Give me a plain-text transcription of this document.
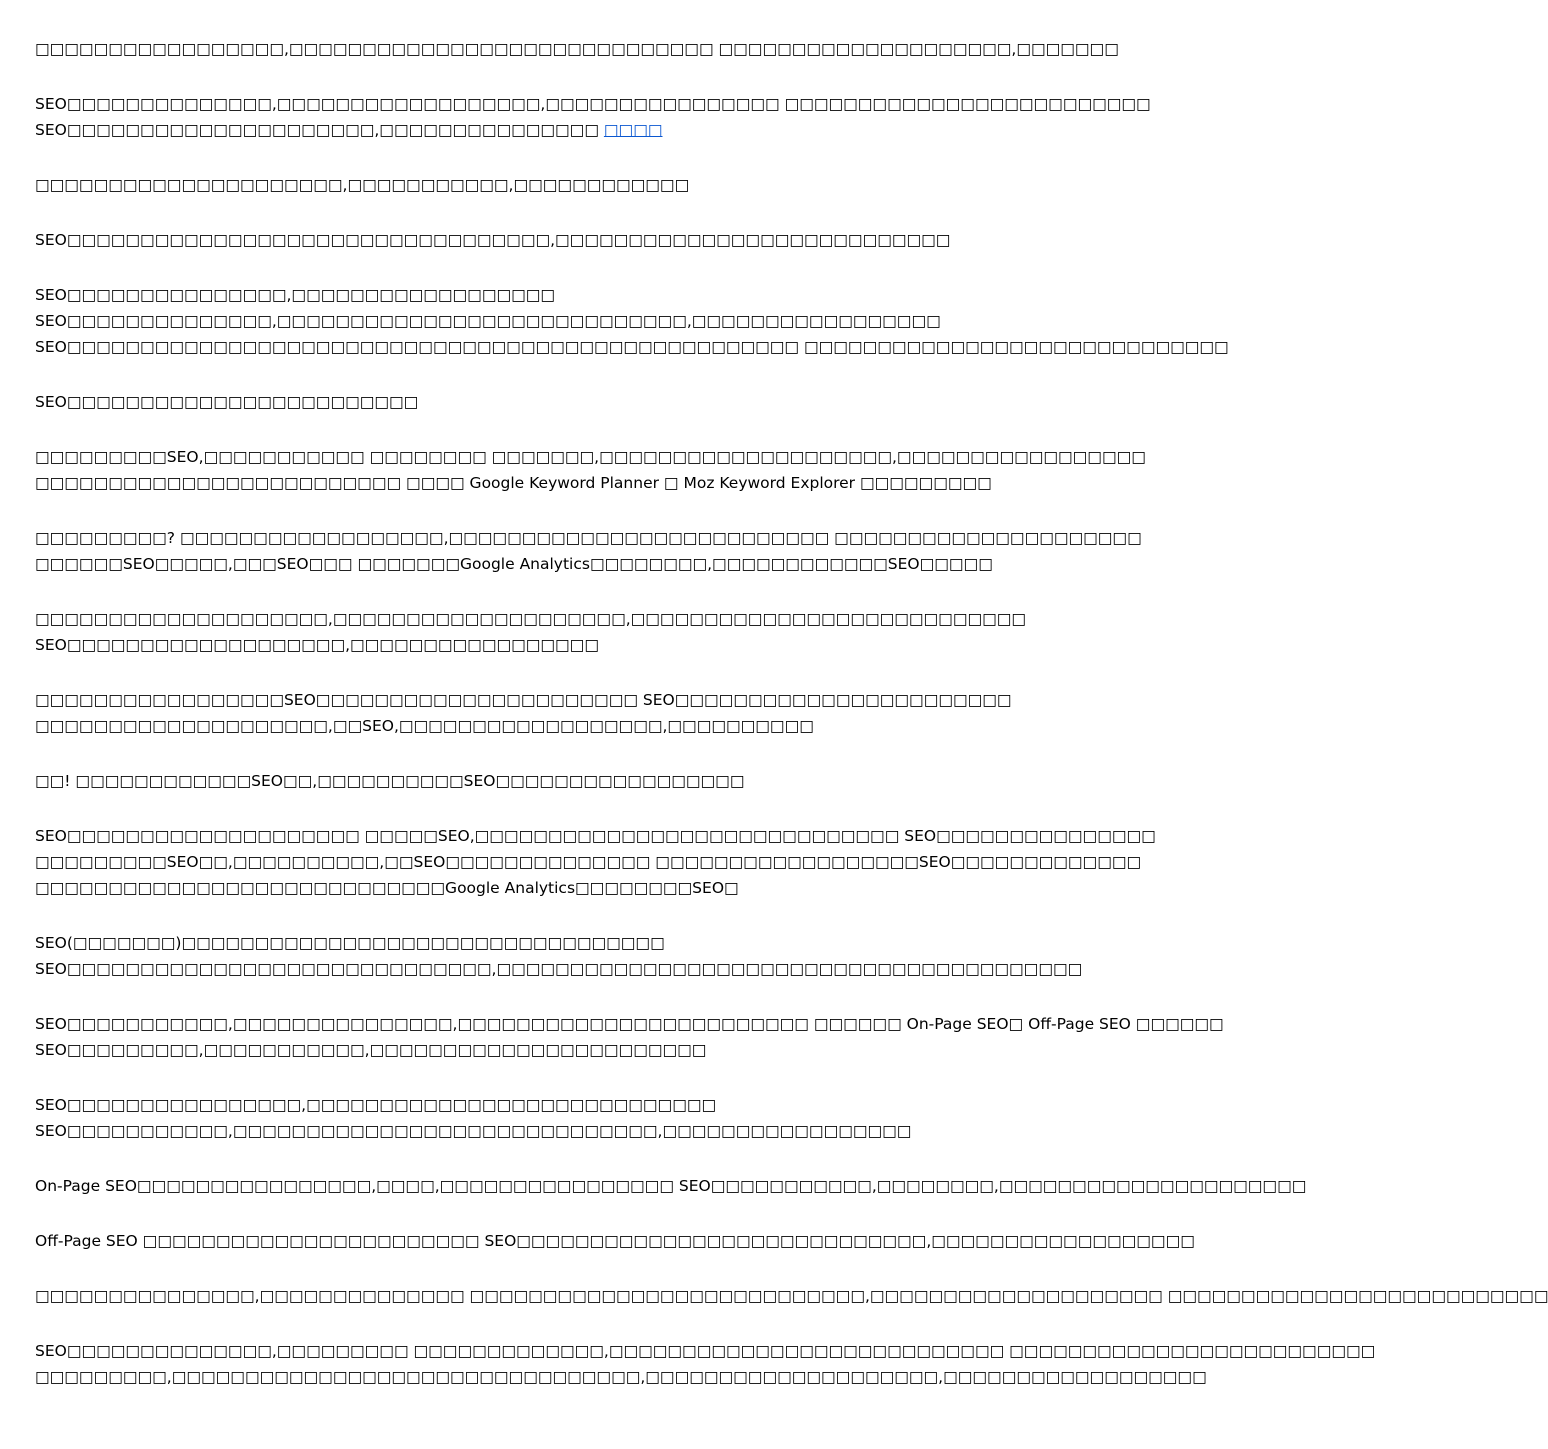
□□□□□□□□□□□□□□□□□,□□□□□□□□□□□□□□□□□□□□□□□□□□□□□ □□□□□□□□□□□□□□□□□□□□,□□□□□□□
SEO□□□□□□□□□□□□□□,□□□□□□□□□□□□□□□□□□,□□□□□□□□□□□□□□□□ □□□□□□□□□□□□□□□□□□□□□□□□□
SEO□□□□□□□□□□□□□□□□□□□□□,□□□□□□□□□□□□□□□ □□□□
□□□□□□□□□□□□□□□□□□□□□,□□□□□□□□□□□,□□□□□□□□□□□□
SEO□□□□□□□□□□□□□□□□□□□□□□□□□□□□□□□□□,□□□□□□□□□□□□□□□□□□□□□□□□□□□
SEO□□□□□□□□□□□□□□□,□□□□□□□□□□□□□□□□□□
SEO□□□□□□□□□□□□□□,□□□□□□□□□□□□□□□□□□□□□□□□□□□□,□□□□□□□□□□□□□□□□□
SEO□□□□□□□□□□□□□□□□□□□□□□□□□□□□□□□□□□□□□□□□□□□□□□□□□□ □□□□□□□□□□□□□□□□□□□□□□□□□□□□□
SEO□□□□□□□□□□□□□□□□□□□□□□□□
□□□□□□□□□SEO,□□□□□□□□□□□ □□□□□□□□ □□□□□□□,□□□□□□□□□□□□□□□□□□□□,□□□□□□□□□□□□□□□□□
□□□□□□□□□□□□□□□□□□□□□□□□□ □□□□ Google Keyword Planner □ Moz Keyword Explorer □□□□□□□□□
□□□□□□□□□? □□□□□□□□□□□□□□□□□□,□□□□□□□□□□□□□□□□□□□□□□□□□□ □□□□□□□□□□□□□□□□□□□□□
□□□□□□SEO□□□□□,□□□SEO□□□ □□□□□□□Google Analytics□□□□□□□□,□□□□□□□□□□□□SEO□□□□□
□□□□□□□□□□□□□□□□□□□□,□□□□□□□□□□□□□□□□□□□□,□□□□□□□□□□□□□□□□□□□□□□□□□□□
SEO□□□□□□□□□□□□□□□□□□□,□□□□□□□□□□□□□□□□□
□□□□□□□□□□□□□□□□□SEO□□□□□□□□□□□□□□□□□□□□□□ SEO□□□□□□□□□□□□□□□□□□□□□□□
□□□□□□□□□□□□□□□□□□□□,□□SEO,□□□□□□□□□□□□□□□□□□,□□□□□□□□□□
□□! □□□□□□□□□□□□SEO□□,□□□□□□□□□□SEO□□□□□□□□□□□□□□□□□
SEO□□□□□□□□□□□□□□□□□□□□ □□□□□SEO,□□□□□□□□□□□□□□□□□□□□□□□□□□□□□ SEO□□□□□□□□□□□□□□□
□□□□□□□□□SEO□□,□□□□□□□□□□,□□SEO□□□□□□□□□□□□□□ □□□□□□□□□□□□□□□□□□SEO□□□□□□□□□□□□□
□□□□□□□□□□□□□□□□□□□□□□□□□□□□Google Analytics□□□□□□□□SEO□
SEO(□□□□□□□)□□□□□□□□□□□□□□□□□□□□□□□□□□□□□□□□□
SEO□□□□□□□□□□□□□□□□□□□□□□□□□□□□□,□□□□□□□□□□□□□□□□□□□□□□□□□□□□□□□□□□□□□□□□
SEO□□□□□□□□□□□,□□□□□□□□□□□□□□□,□□□□□□□□□□□□□□□□□□□□□□□□ □□□□□□ On-Page SEO□ Off-Page SEO □□□□□□
SEO□□□□□□□□□,□□□□□□□□□□□,□□□□□□□□□□□□□□□□□□□□□□□
SEO□□□□□□□□□□□□□□□□,□□□□□□□□□□□□□□□□□□□□□□□□□□□□
SEO□□□□□□□□□□□,□□□□□□□□□□□□□□□□□□□□□□□□□□□□□,□□□□□□□□□□□□□□□□□
On-Page SEO□□□□□□□□□□□□□□□□,□□□□,□□□□□□□□□□□□□□□□ SEO□□□□□□□□□□□,□□□□□□□□,□□□□□□□□□□□□□□□□□□□□□
Off-Page SEO □□□□□□□□□□□□□□□□□□□□□□□ SEO□□□□□□□□□□□□□□□□□□□□□□□□□□□□,□□□□□□□□□□□□□□□□□□
□□□□□□□□□□□□□□□,□□□□□□□□□□□□□□ □□□□□□□□□□□□□□□□□□□□□□□□□□□,□□□□□□□□□□□□□□□□□□□□ □□□□□□□□□□□□□□□□□□□□□□□□□□
SEO□□□□□□□□□□□□□□,□□□□□□□□□ □□□□□□□□□□□□□,□□□□□□□□□□□□□□□□□□□□□□□□□□□ □□□□□□□□□□□□□□□□□□□□□□□□□
□□□□□□□□□,□□□□□□□□□□□□□□□□□□□□□□□□□□□□□□□□,□□□□□□□□□□□□□□□□□□□□,□□□□□□□□□□□□□□□□□□
